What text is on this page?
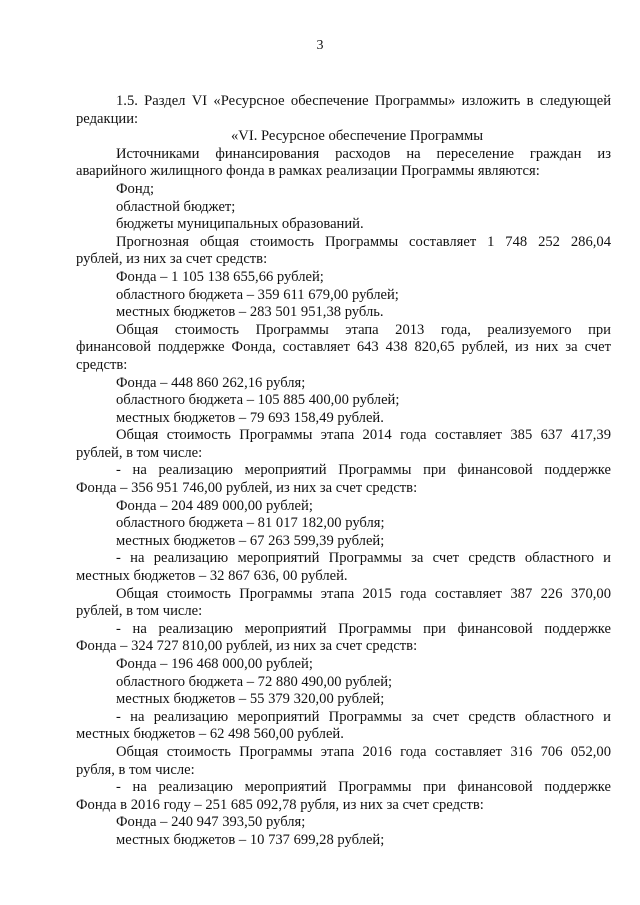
3

1.5. Раздел VI «Ресурсное обеспечение Программы» изложить в следующей

редакции:

«VI. Ресурсное обеспечение Программы

Источниками финансирования расходов на переселение граждан из

аварийного жилищного фонда в рамках реализации Программы являются:

Фонд;

областной бюджет;

бюджеты муниципальных образований.

Прогнозная общая стоимость Программы составляет 1 748 252 286,04

рублей, из них за счет средств:

Фонда – 1 105 138 655,66 рублей;

областного бюджета – 359 611 679,00 рублей;

местных бюджетов – 283 501 951,38 рубль.

Общая стоимость Программы этапа 2013 года, реализуемого при

финансовой поддержке Фонда, составляет 643 438 820,65 рублей, из них за счет

средств:

Фонда – 448 860 262,16 рубля;

областного бюджета – 105 885 400,00 рублей;

местных бюджетов – 79 693 158,49 рублей.

Общая стоимость Программы этапа 2014 года составляет 385 637 417,39

рублей, в том числе:

- на реализацию мероприятий Программы при финансовой поддержке

Фонда – 356 951 746,00 рублей, из них за счет средств:

Фонда – 204 489 000,00 рублей;

областного бюджета – 81 017 182,00 рубля;

местных бюджетов – 67 263 599,39 рублей;

- на реализацию мероприятий Программы за счет средств областного и

местных бюджетов – 32 867 636, 00 рублей.

Общая стоимость Программы этапа 2015 года составляет 387 226 370,00

рублей, в том числе:

- на реализацию мероприятий Программы при финансовой поддержке

Фонда – 324 727 810,00 рублей, из них за счет средств:

Фонда – 196 468 000,00 рублей;

областного бюджета – 72 880 490,00 рублей;

местных бюджетов – 55 379 320,00 рублей;

- на реализацию мероприятий Программы за счет средств областного и

местных бюджетов – 62 498 560,00 рублей.

Общая стоимость Программы этапа 2016 года составляет 316 706 052,00

рубля, в том числе:

- на реализацию мероприятий Программы при финансовой поддержке

Фонда в 2016 году – 251 685 092,78 рубля, из них за счет средств:

Фонда – 240 947 393,50 рубля;

местных бюджетов – 10 737 699,28 рублей;
